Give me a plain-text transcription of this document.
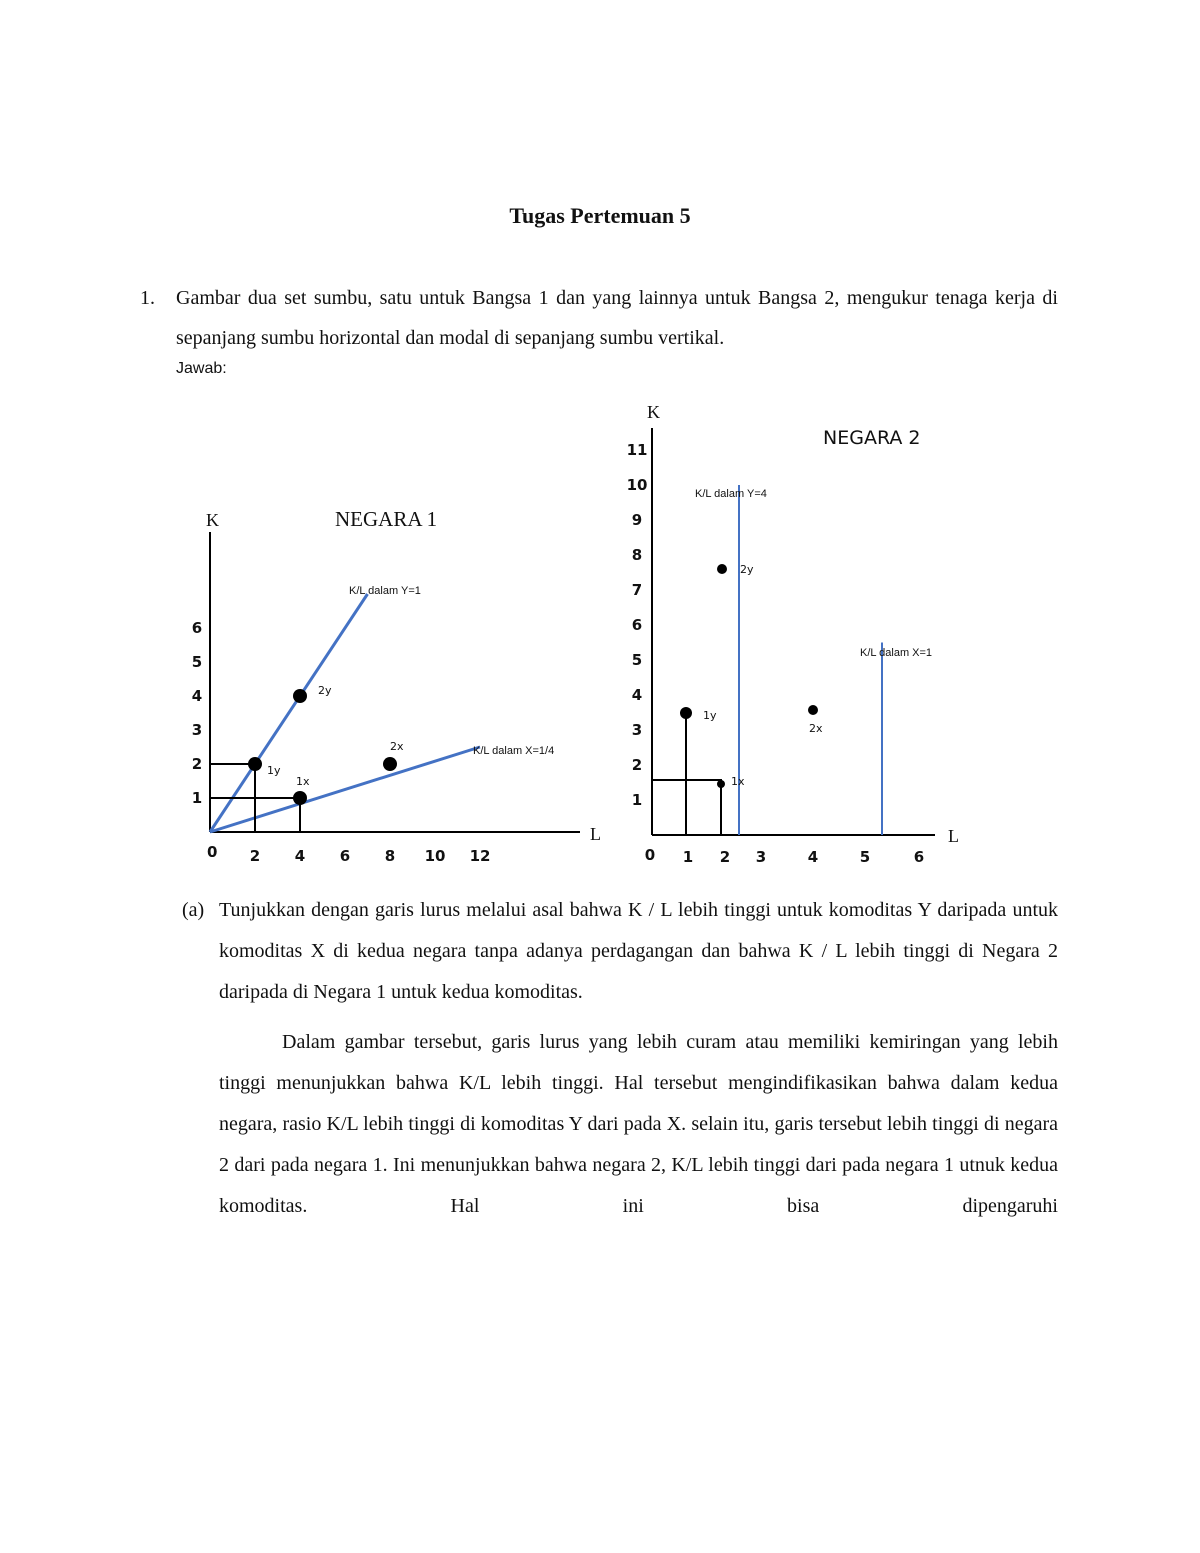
Tugas Pertemuan 5
1. Gambar dua set sumbu, satu untuk Bangsa 1 dan yang lainnya untuk Bangsa 2, mengukur tenaga kerja di sepanjang sumbu horizontal dan modal di sepanjang sumbu vertikal.
Jawab:
K
L
NEGARA 1
0 2 4 6 8 10 12
1
2
3
4
5
6
K/L dalam Y=1
K/L dalam X=1/4
1y
2y
1x
2x
K
L
NEGARA 2
0 1 2 3	4	5	6
1
2
3
4
5
6
7
8
9
10
11
K/L dalam Y=4
K/L dalam X=1
1y
2y
1x
2x
(a) Tunjukkan dengan garis lurus melalui asal bahwa K / L lebih tinggi untuk komoditas Y daripada untuk komoditas X di kedua negara tanpa adanya perdagangan dan bahwa K / L lebih tinggi di Negara 2 daripada di Negara 1 untuk kedua komoditas.
Dalam gambar tersebut, garis lurus yang lebih curam atau memiliki kemiringan yang lebih tinggi menunjukkan bahwa K/L lebih tinggi. Hal tersebut mengindifikasikan bahwa dalam kedua negara, rasio K/L lebih tinggi di komoditas Y dari pada X. selain itu, garis tersebut lebih tinggi di negara 2 dari pada negara 1. Ini menunjukkan bahwa negara 2, K/L lebih tinggi dari pada negara 1 utnuk kedua komoditas. Hal ini bisa dipengaruhi
